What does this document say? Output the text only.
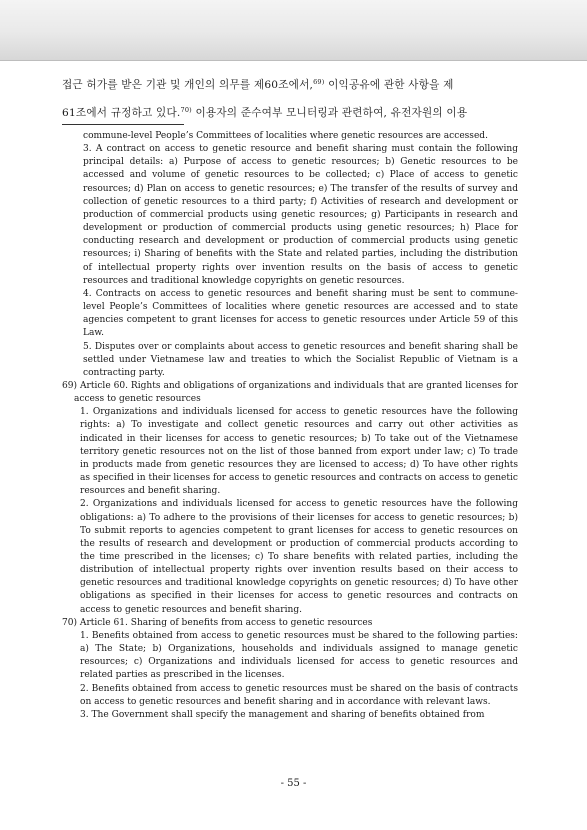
접근 허가를 받은 기관 및 개인의 의무를 제60조에서,$^{69)}$ 이익공유에 관한 사항을 제
61조에서 규정하고 있다.$^{70)}$ 이용자의 준수여부 모니터링과 관련하여, 유전자원의 이용

commune-level People’s Committees of localities where genetic resources are accessed.

3. A contract on access to genetic resource and benefit sharing must contain the following principal details: a) Purpose of access to genetic resources; b) Genetic resources to be accessed and volume of genetic resources to be collected; c) Place of access to genetic resources; d) Plan on access to genetic resources; e) The transfer of the results of survey and collection of genetic resources to a third party; f) Activities of research and development or production of commercial products using genetic resources; g) Participants in research and development or production of commercial products using genetic resources; h) Place for conducting research and development or production of commercial products using genetic resources; i) Sharing of benefits with the State and related parties, including the distribution of intellectual property rights over invention results on the basis of access to genetic resources and traditional knowledge copyrights on genetic resources.

4. Contracts on access to genetic resources and benefit sharing must be sent to commune-level People’s Committees of localities where genetic resources are accessed and to state agencies competent to grant licenses for access to genetic resources under Article 59 of this Law.

5. Disputes over or complaints about access to genetic resources and benefit sharing shall be settled under Vietnamese law and treaties to which the Socialist Republic of Vietnam is a contracting party.

69) Article 60. Rights and obligations of organizations and individuals that are granted licenses for access to genetic resources

1. Organizations and individuals licensed for access to genetic resources have the following rights: a) To investigate and collect genetic resources and carry out other activities as indicated in their licenses for access to genetic resources; b) To take out of the Vietnamese territory genetic resources not on the list of those banned from export under law; c) To trade in products made from genetic resources they are licensed to access; d) To have other rights as specified in their licenses for access to genetic resources and contracts on access to genetic resources and benefit sharing.

2. Organizations and individuals licensed for access to genetic resources have the following obligations: a) To adhere to the provisions of their licenses for access to genetic resources; b) To submit reports to agencies competent to grant licenses for access to genetic resources on the results of research and development or production of commercial products according to the time prescribed in the licenses; c) To share benefits with related parties, including the distribution of intellectual property rights over invention results based on their access to genetic resources and traditional knowledge copyrights on genetic resources; d) To have other obligations as specified in their licenses for access to genetic resources and contracts on access to genetic resources and benefit sharing.

70) Article 61. Sharing of benefits from access to genetic resources

1. Benefits obtained from access to genetic resources must be shared to the following parties: a) The State; b) Organizations, households and individuals assigned to manage genetic resources; c) Organizations and individuals licensed for access to genetic resources and related parties as prescribed in the licenses.

2. Benefits obtained from access to genetic resources must be shared on the basis of contracts on access to genetic resources and benefit sharing and in accordance with relevant laws.

3. The Government shall specify the management and sharing of benefits obtained from

- 55 -
